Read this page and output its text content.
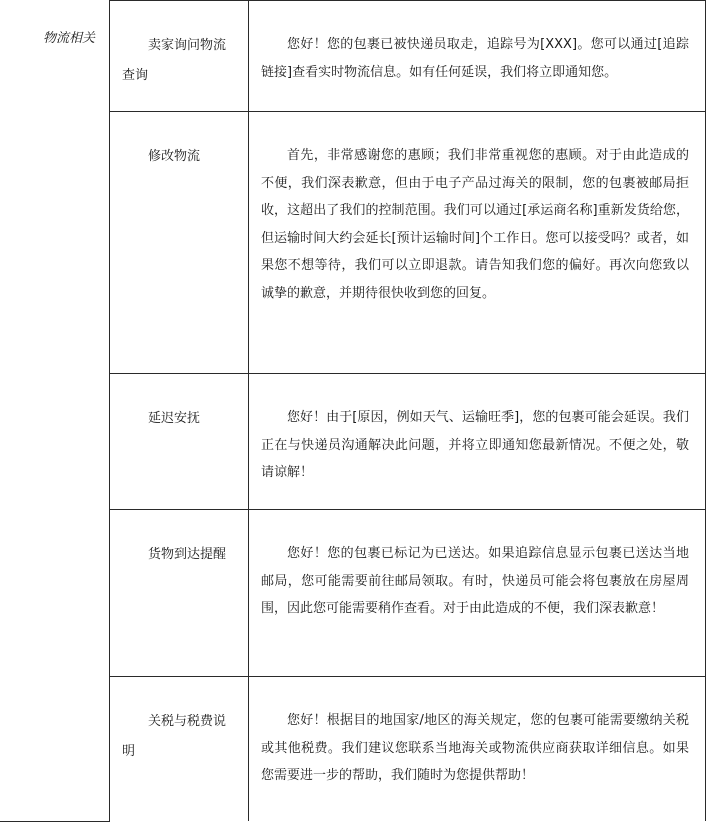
物流相关	卖家询问物流查询	您好！您的包裹已被快递员取走，追踪号为[XXX]。您可以通过[追踪链接]查看实时物流信息。如有任何延误，我们将立即通知您。

	修改物流	首先，非常感谢您的惠顾；我们非常重视您的惠顾。对于由此造成的不便，我们深表歉意，但由于电子产品过海关的限制，您的包裹被邮局拒收，这超出了我们的控制范围。我们可以通过[承运商名称]重新发货给您，但运输时间大约会延长[预计运输时间]个工作日。您可以接受吗？或者，如果您不想等待，我们可以立即退款。请告知我们您的偏好。再次向您致以诚挚的歉意，并期待很快收到您的回复。

	延迟安抚	您好！由于[原因，例如天气、运输旺季]，您的包裹可能会延误。我们正在与快递员沟通解决此问题，并将立即通知您最新情况。不便之处，敬请谅解！

	货物到达提醒	您好！您的包裹已标记为已送达。如果追踪信息显示包裹已送达当地邮局，您可能需要前往邮局领取。有时，快递员可能会将包裹放在房屋周围，因此您可能需要稍作查看。对于由此造成的不便，我们深表歉意！

	关税与税费说明	您好！根据目的地国家/地区的海关规定，您的包裹可能需要缴纳关税或其他税费。我们建议您联系当地海关或物流供应商获取详细信息。如果您需要进一步的帮助，我们随时为您提供帮助！
